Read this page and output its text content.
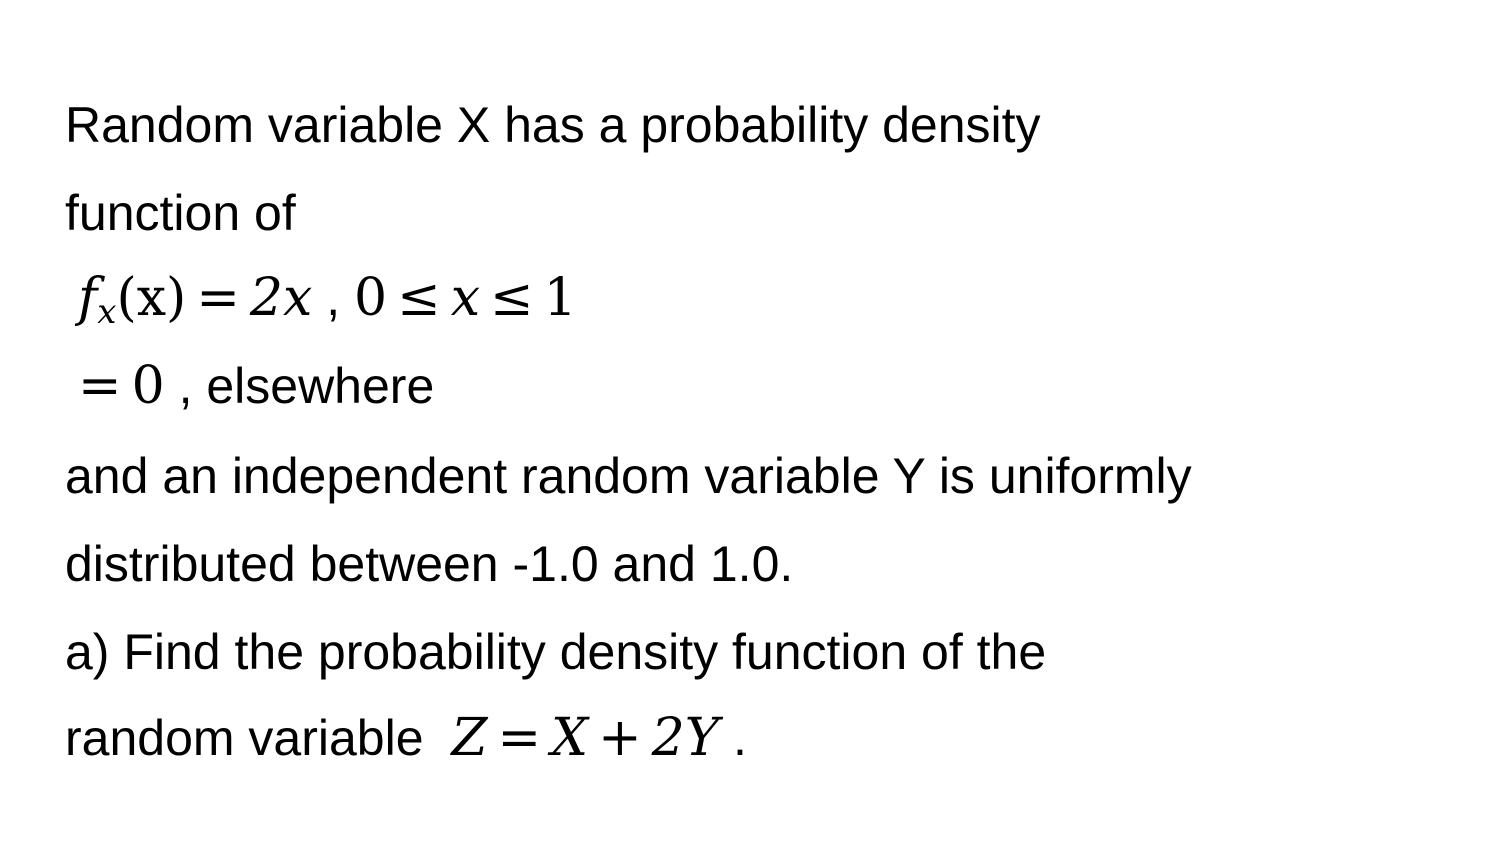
Random variable X has a probability density
function of
$f_x(x) = 2x$ , 0 ≤ x ≤ 1
= 0 , elsewhere
and an independent random variable Y is uniformly
distributed between -1.0 and 1.0.
a) Find the probability density function of the
random variable Z = X + 2Y .
